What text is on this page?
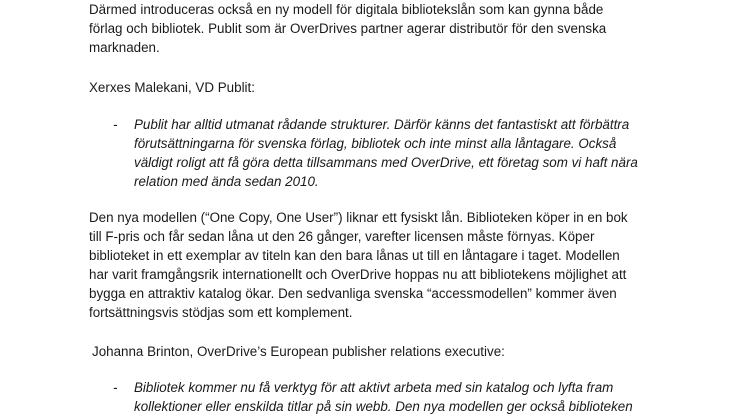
Därmed introduceras också en ny modell för digitala bibliotekslån som kan gynna både
förlag och bibliotek. Publit som är OverDrives partner agerar distributör för den svenska
marknaden.
Xerxes Malekani, VD Publit:
- Publit har alltid utmanat rådande strukturer. Därför känns det fantastiskt att förbättra
förutsättningarna för svenska förlag, bibliotek och inte minst alla låntagare. Också
väldigt roligt att få göra detta tillsammans med OverDrive, ett företag som vi haft nära
relation med ända sedan 2010.
Den nya modellen (“One Copy, One User”) liknar ett fysiskt lån. Biblioteken köper in en bok
till F-pris och får sedan låna ut den 26 gånger, varefter licensen måste förnyas. Köper
biblioteket in ett exemplar av titeln kan den bara lånas ut till en låntagare i taget. Modellen
har varit framgångsrik internationellt och OverDrive hoppas nu att bibliotekens möjlighet att
bygga en attraktiv katalog ökar. Den sedvanliga svenska “accessmodellen” kommer även
fortsättningsvis stödjas som ett komplement.
Johanna Brinton, OverDrive’s European publisher relations executive:
- Bibliotek kommer nu få verktyg för att aktivt arbeta med sin katalog och lyfta fram
kollektioner eller enskilda titlar på sin webb. Den nya modellen ger också biblioteken
